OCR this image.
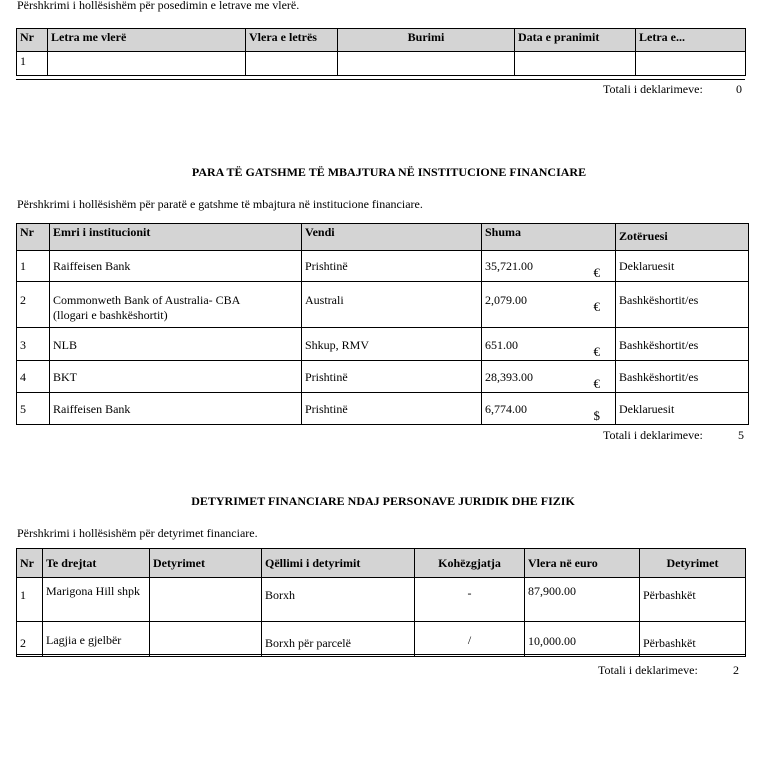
Përshkrimi i hollësishëm për posedimin e letrave me vlerë.
Nr	Letra me vlerë	Vlera e letrës	Burimi	Data e pranimit	Letra e...
1					
Totali i deklarimeve:	0
PARA TË GATSHME TË MBAJTURA NË INSTITUCIONE FINANCIARE
Përshkrimi i hollësishëm për paratë e gatshme të mbajtura në institucione financiare.
Nr	Emri i institucionit	Vendi	Shuma	Zotëruesi
1	Raiffeisen Bank	Prishtinë	35,721.00 €	Deklaruesit
2	Commonweth Bank of Australia- CBA (llogari e bashkëshortit)	Australi	2,079.00 €	Bashkëshortit/es
3	NLB	Shkup, RMV	651.00 €	Bashkëshortit/es
4	BKT	Prishtinë	28,393.00 €	Bashkëshortit/es
5	Raiffeisen Bank	Prishtinë	6,774.00 $	Deklaruesit
Totali i deklarimeve:	5
DETYRIMET FINANCIARE NDAJ PERSONAVE JURIDIK DHE FIZIK
Përshkrimi i hollësishëm për detyrimet financiare.
Nr	Te drejtat	Detyrimet	Qëllimi i detyrimit	Kohëzgjatja	Vlera në euro	Detyrimet
1	Marigona Hill shpk		Borxh	-	87,900.00	Përbashkët
2	Lagjia e gjelbër		Borxh për parcelë	/	10,000.00	Përbashkët
Totali i deklarimeve:	2
